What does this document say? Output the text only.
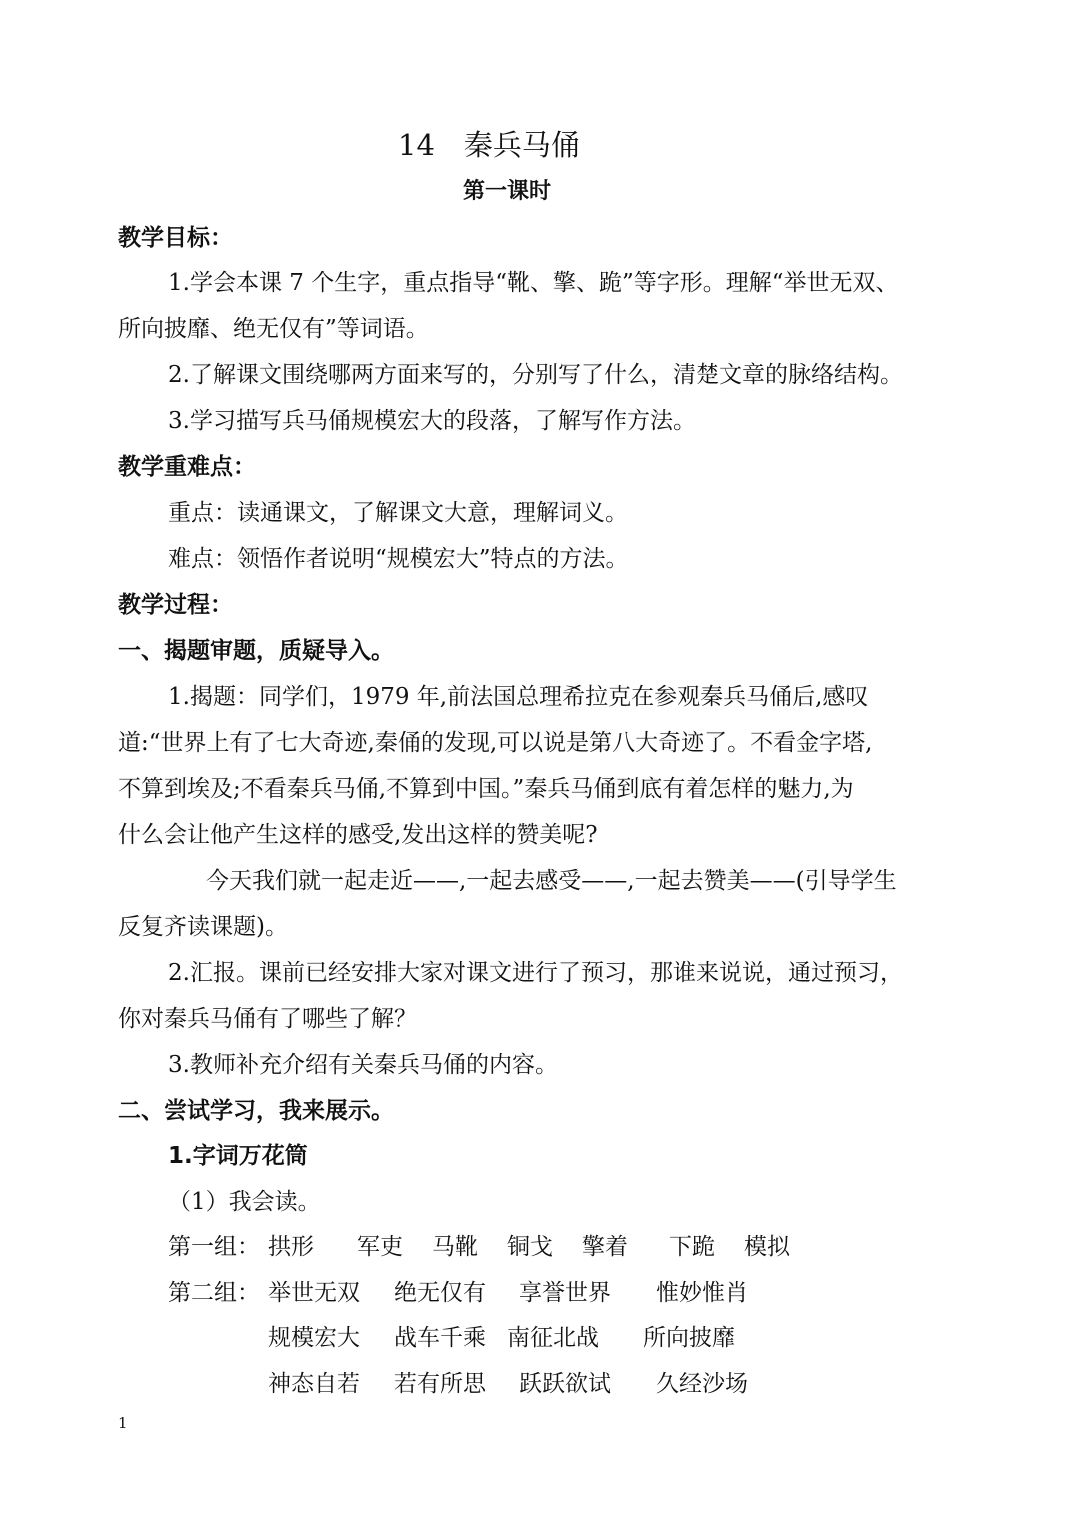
14　秦兵马俑
第一课时
教学目标：
1.学会本课 7 个生字，重点指导“靴、擎、跪”等字形。理解“举世无双、
所向披靡、绝无仅有”等词语。
2.了解课文围绕哪两方面来写的，分别写了什么，清楚文章的脉络结构。
3.学习描写兵马俑规模宏大的段落，了解写作方法。
教学重难点：
重点：读通课文，了解课文大意，理解词义。
难点：领悟作者说明“规模宏大”特点的方法。
教学过程：
一、揭题审题，质疑导入。
1.揭题：同学们，1979 年,前法国总理希拉克在参观秦兵马俑后,感叹
道:“世界上有了七大奇迹,秦俑的发现,可以说是第八大奇迹了。不看金字塔,
不算到埃及;不看秦兵马俑,不算到中国。”秦兵马俑到底有着怎样的魅力,为
什么会让他产生这样的感受,发出这样的赞美呢?
今天我们就一起走近——,一起去感受——,一起去赞美——(引导学生
反复齐读课题)。
2.汇报。课前已经安排大家对课文进行了预习，那谁来说说，通过预习，
你对秦兵马俑有了哪些了解？
3.教师补充介绍有关秦兵马俑的内容。
二、尝试学习，我来展示。
1.字词万花筒
（1）我会读。
第一组： 拱形 军吏 马靴 铜戈 擎着 下跪 模拟
第二组： 举世无双 绝无仅有 享誉世界 惟妙惟肖
规模宏大 战车千乘 南征北战 所向披靡
神态自若 若有所思 跃跃欲试 久经沙场
1
